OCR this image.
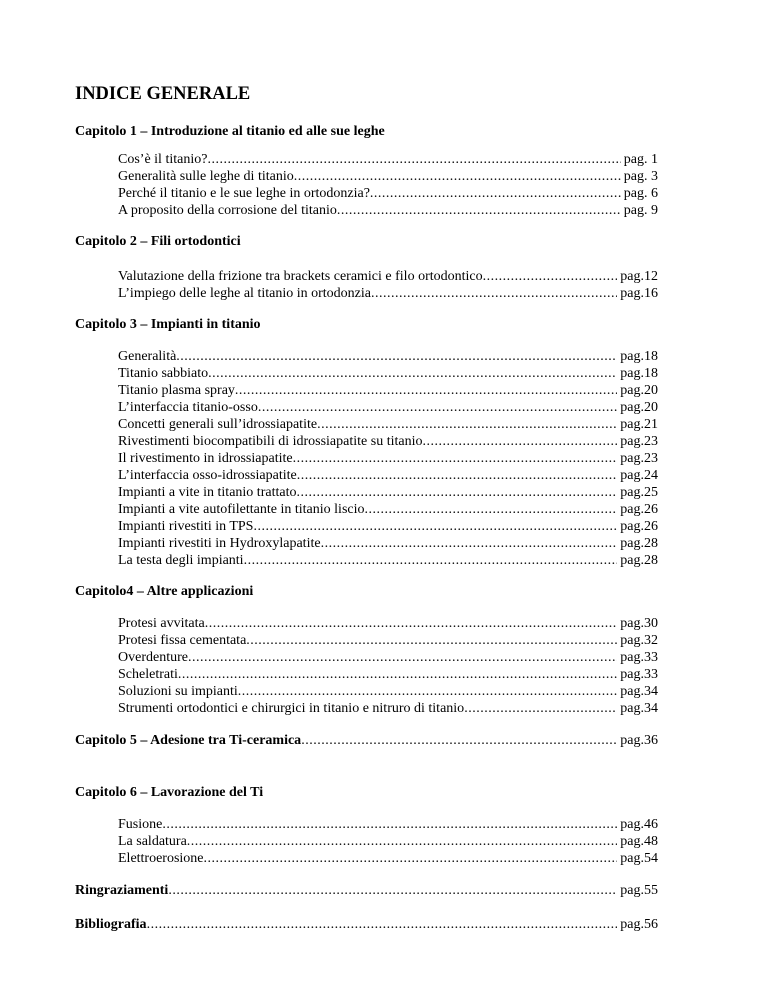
INDICE GENERALE
Capitolo 1 – Introduzione al titanio ed alle sue leghe
Cos’è il titanio? .....	pag. 1
Generalità sulle leghe di titanio .....	pag. 3
Perché il titanio e le sue leghe in ortodonzia? .....	pag. 6
A proposito della corrosione del titanio .....	pag. 9
Capitolo 2 – Fili ortodontici
Valutazione della frizione tra brackets ceramici e filo ortodontico .....	pag.12
L’impiego delle leghe al titanio in ortodonzia .....	pag.16
Capitolo 3 – Impianti in titanio
Generalità .....	pag.18
Titanio sabbiato .....	pag.18
Titanio plasma spray .....	pag.20
L’interfaccia titanio-osso .....	pag.20
Concetti generali sull’idrossiapatite .....	pag.21
Rivestimenti biocompatibili di idrossiapatite su titanio .....	pag.23
Il rivestimento in idrossiapatite .....	pag.23
L’interfaccia osso-idrossiapatite .....	pag.24
Impianti a vite in titanio trattato .....	pag.25
Impianti a vite autofilettante in titanio liscio .....	pag.26
Impianti rivestiti in TPS .....	pag.26
Impianti rivestiti in Hydroxylapatite .....	pag.28
La testa degli impianti .....	pag.28
Capitolo4 – Altre applicazioni
Protesi avvitata .....	pag.30
Protesi fissa cementata .....	pag.32
Overdenture .....	pag.33
Scheletrati .....	pag.33
Soluzioni su impianti .....	pag.34
Strumenti ortodontici e chirurgici in titanio e nitruro di titanio .....	pag.34
Capitolo 5 – Adesione tra Ti-ceramica .....	pag.36
Capitolo 6 – Lavorazione del Ti
Fusione .....	pag.46
La saldatura .....	pag.48
Elettroerosione .....	pag.54
Ringraziamenti .....	pag.55
Bibliografia .....	pag.56
